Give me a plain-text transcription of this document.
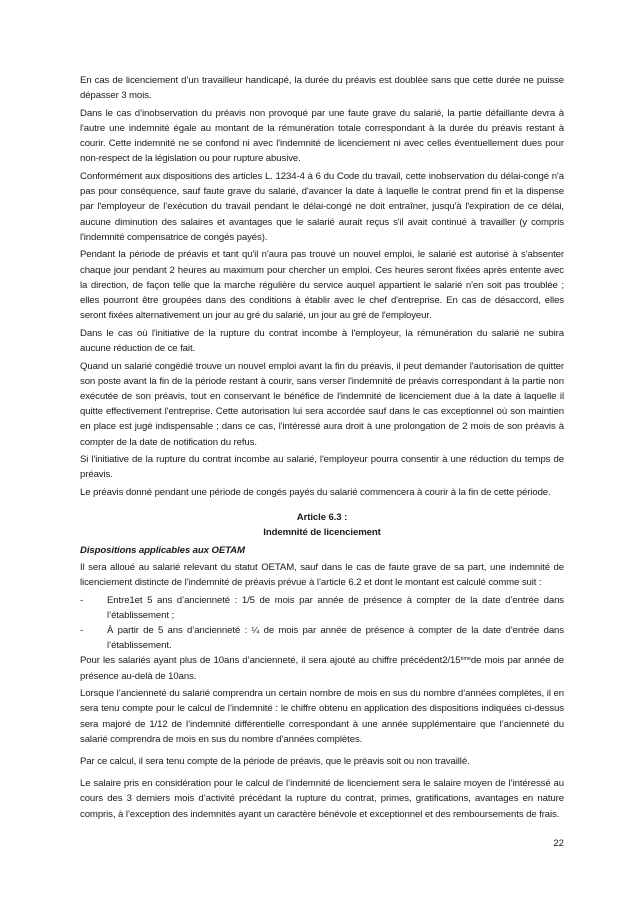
En cas de licenciement d’un travailleur handicapé, la durée du préavis est doublée sans que cette durée ne puisse dépasser 3 mois.

Dans le cas d’inobservation du préavis non provoqué par une faute grave du salarié, la partie défaillante devra à l'autre une indemnité égale au montant de la rémunération totale correspondant à la durée du préavis restant à courir. Cette indemnité ne se confond ni avec l'indemnité de licenciement ni avec celles éventuellement dues pour non-respect de la législation ou pour rupture abusive.

Conformément aux dispositions des articles L. 1234-4 à 6 du Code du travail, cette inobservation du délai-congé n'a pas pour conséquence, sauf faute grave du salarié, d'avancer la date à laquelle le contrat prend fin et la dispense par l'employeur de l’exécution du travail pendant le délai-congé ne doit entraîner, jusqu'à l'expiration de ce délai, aucune diminution des salaires et avantages que le salarié aurait reçus s'il avait continué à travailler (y compris l'indemnité compensatrice de congés payés).

Pendant la période de préavis et tant qu'il n'aura pas trouvé un nouvel emploi, le salarié est autorisé à s'absenter chaque jour pendant 2 heures au maximum pour chercher un emploi. Ces heures seront fixées après entente avec la direction, de façon telle que la marche régulière du service auquel appartient le salarié n'en soit pas troublée ; elles pourront être groupées dans des conditions à établir avec le chef d'entreprise. En cas de désaccord, elles seront fixées alternativement un jour au gré du salarié, un jour au gré de l'employeur.

Dans le cas où l'initiative de la rupture du contrat incombe à l'employeur, la rémunération du salarié ne subira aucune réduction de ce fait.

Quand un salarié congédié trouve un nouvel emploi avant la fin du préavis, il peut demander l'autorisation de quitter son poste avant la fin de la période restant à courir, sans verser l'indemnité de préavis correspondant à la partie non exécutée de son préavis, tout en conservant le bénéfice de l'indemnité de licenciement due à la date à laquelle il quitte effectivement l'entreprise. Cette autorisation lui sera accordée sauf dans le cas exceptionnel où son maintien en place est jugé indispensable ; dans ce cas, l'intéressé aura droit à une prolongation de 2 mois de son préavis à compter de la date de notification du refus.

Si l'initiative de la rupture du contrat incombe au salarié, l'employeur pourra consentir à une réduction du temps de préavis.

Le préavis donné pendant une période de congés payés du salarié commencera à courir à la fin de cette période.

Article 6.3 :

Indemnité de licenciement

Dispositions applicables aux OETAM

Il sera alloué au salarié relevant du statut OETAM, sauf dans le cas de faute grave de sa part, une indemnité de licenciement distincte de l’indemnité de préavis prévue à l’article 6.2 et dont le montant est calculé comme suit :

- Entre1et 5 ans d’ancienneté : 1/5 de mois par année de présence à compter de la date d’entrée dans l’établissement ;
- À partir de 5 ans d’ancienneté : ¼ de mois par année de présence à compter de la date d’entrée dans l’établissement.

Pour les salariés ayant plus de 10ans d’ancienneté, il sera ajouté au chiffre précédent2/15èmede mois par année de présence au-delà de 10ans.

Lorsque l’ancienneté du salarié comprendra un certain nombre de mois en sus du nombre d’années complètes, il en sera tenu compte pour le calcul de l’indemnité : le chiffre obtenu en application des dispositions indiquées ci-dessus sera majoré de 1/12 de l’indemnité différentielle correspondant à une année supplémentaire que l’ancienneté du salarié comprendra de mois en sus du nombre d’années complètes.

Par ce calcul, il sera tenu compte de la période de préavis, que le préavis soit ou non travaillé.

Le salaire pris en considération pour le calcul de l’indemnité de licenciement sera le salaire moyen de l’intéressé au cours des 3 derniers mois d’activité précédant la rupture du contrat, primes, gratifications, avantages en nature compris, à l’exception des indemnités ayant un caractère bénévole et exceptionnel et des remboursements de frais.

22
